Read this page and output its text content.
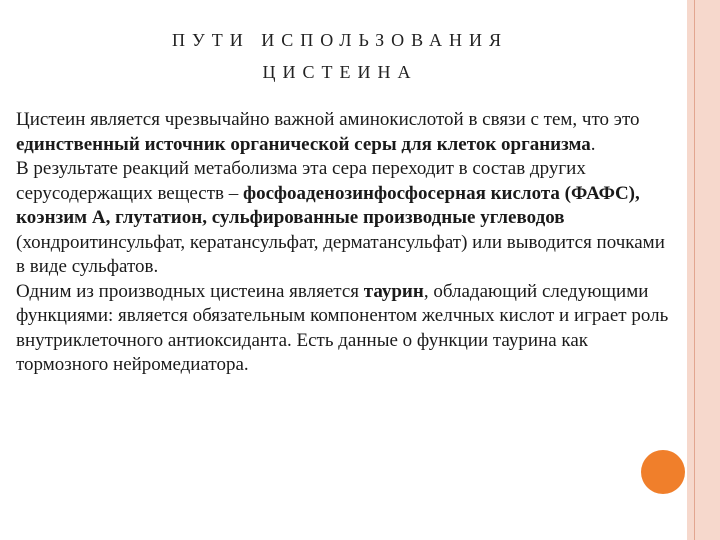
ПУТИ ИСПОЛЬЗОВАНИЯ
ЦИСТЕИНА

Цистеин является чрезвычайно важной аминокислотой в связи с тем, что это единственный источник органической серы для клеток организма.

В результате реакций метаболизма эта сера переходит в состав других серусодержащих веществ – фосфоаденозинфосфосерная кислота (ФАФС), коэнзим А, глутатион, сульфированные производные углеводов (хондроитинсульфат, кератансульфат, дерматансульфат) или выводится почками в виде сульфатов.

Одним из производных цистеина является таурин, обладающий следующими функциями: является обязательным компонентом желчных кислот и играет роль внутриклеточного антиоксиданта. Есть данные о функции таурина как тормозного нейромедиатора.
